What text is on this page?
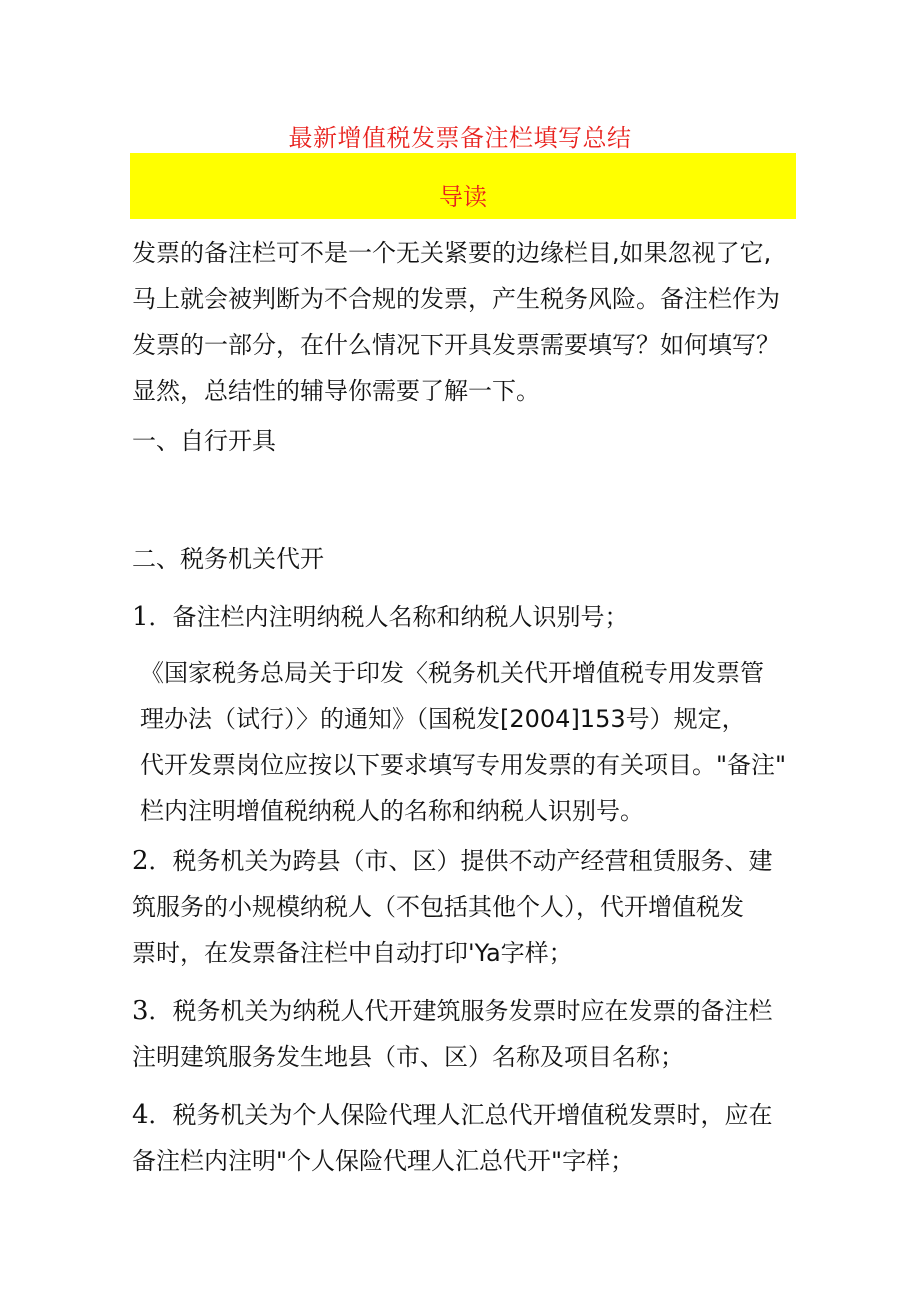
最新增值税发票备注栏填写总结
导读
发票的备注栏可不是一个无关紧要的边缘栏目,如果忽视了它,
马上就会被判断为不合规的发票，产生税务风险。备注栏作为
发票的一部分，在什么情况下开具发票需要填写？如何填写？
显然，总结性的辅导你需要了解一下。
一、自行开具
二、税务机关代开
1．备注栏内注明纳税人名称和纳税人识别号；
《国家税务总局关于印发〈税务机关代开增值税专用发票管
理办法（试行）〉的通知》（国税发[2004]153号）规定，
代开发票岗位应按以下要求填写专用发票的有关项目。"备注"
栏内注明增值税纳税人的名称和纳税人识别号。
2．税务机关为跨县（市、区）提供不动产经营租赁服务、建
筑服务的小规模纳税人（不包括其他个人），代开增值税发
票时，在发票备注栏中自动打印'Ya字样；
3．税务机关为纳税人代开建筑服务发票时应在发票的备注栏
注明建筑服务发生地县（市、区）名称及项目名称；
4．税务机关为个人保险代理人汇总代开增值税发票时，应在
备注栏内注明"个人保险代理人汇总代开"字样；
